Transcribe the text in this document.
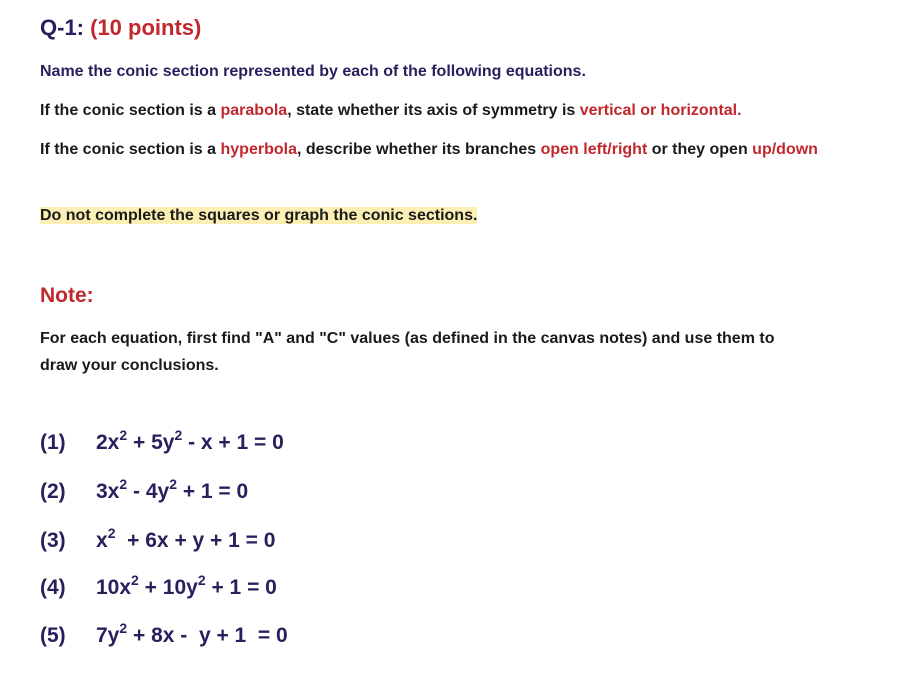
Q-1: (10 points)
Name the conic section represented by each of the following equations.
If the conic section is a parabola, state whether its axis of symmetry is vertical or horizontal.
If the conic section is a hyperbola, describe whether its branches open left/right or they open up/down
Do not complete the squares or graph the conic sections.
Note:
For each equation, first find "A" and "C" values (as defined in the canvas notes) and use them to draw your conclusions.
(1) $2x^2 + 5y^2 - x + 1 = 0$
(2) $3x^2 - 4y^2 + 1 = 0$
(3) $x^2 + 6x + y + 1 = 0$
(4) $10x^2 + 10y^2 + 1 = 0$
(5) $7y^2 + 8x - y + 1 = 0$
